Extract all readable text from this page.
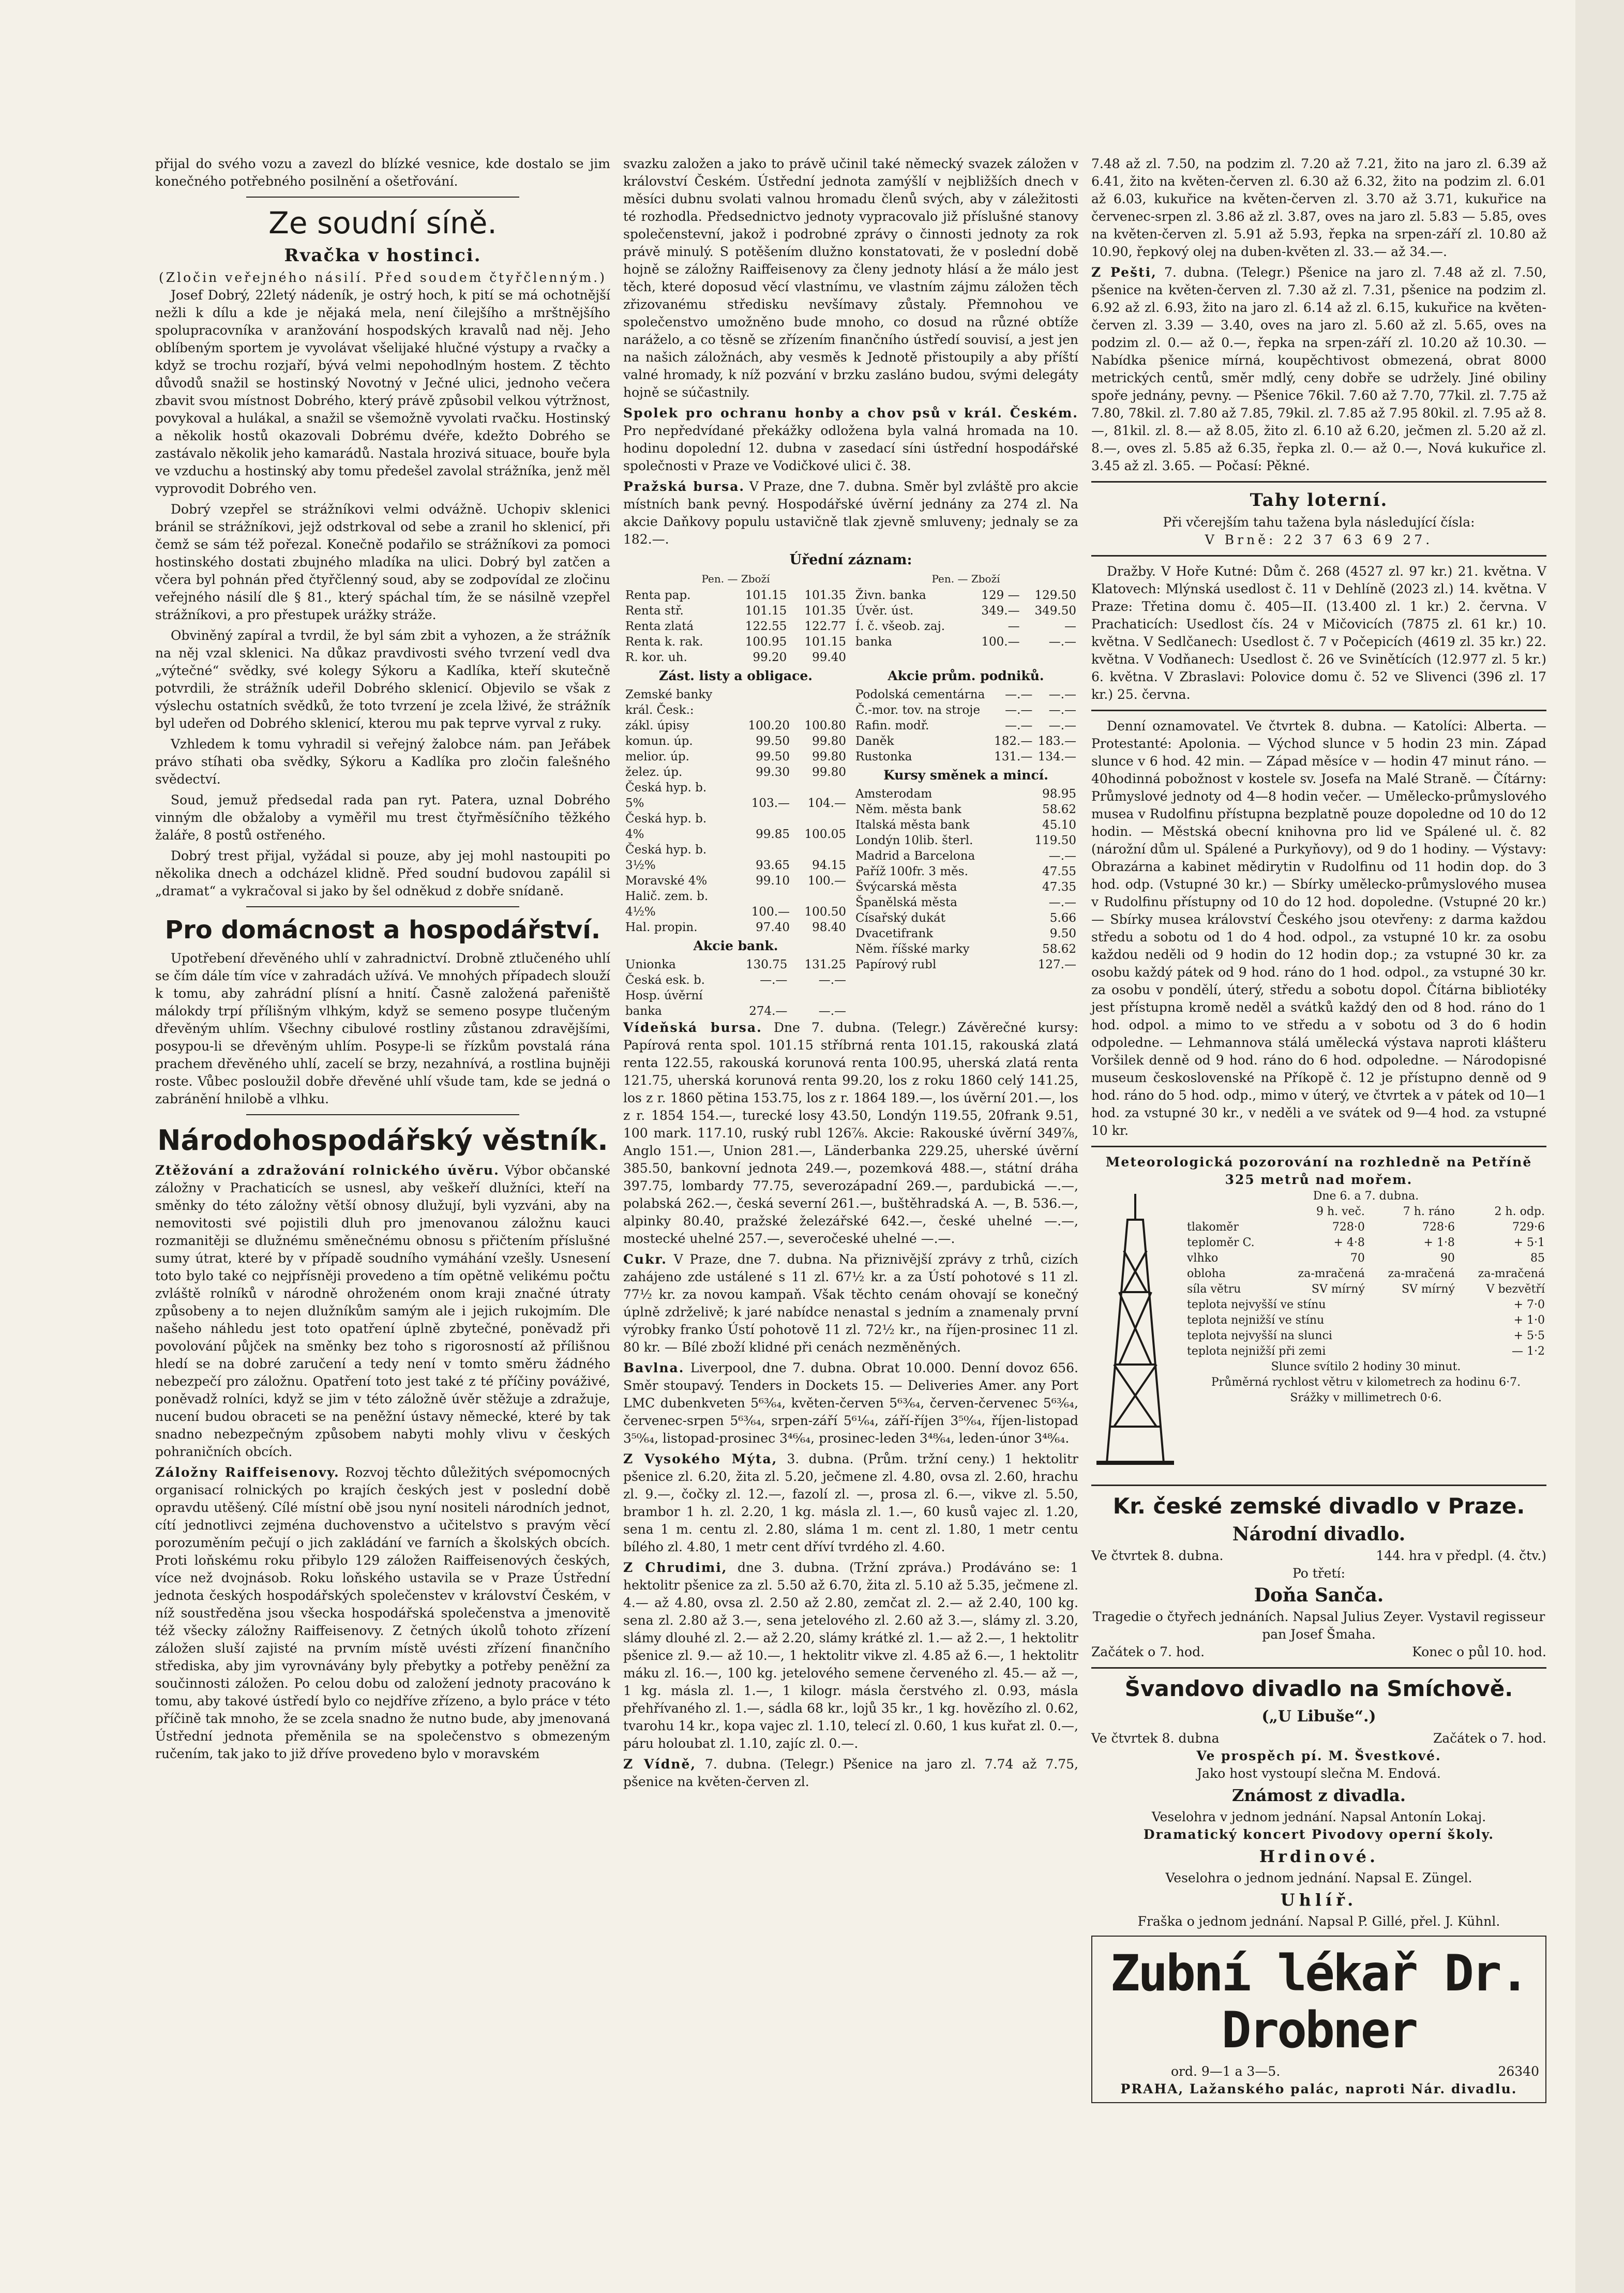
přijal do svého vozu a zavezl do blízké vesnice, kde dostalo se jim konečného potřebného posilnění a ošetřování.

Ze soudní síně.
Rvačka v hostinci.
(Zločin veřejného násilí. Před soudem čtyřčlenným.)

Josef Dobrý, 22letý nádeník, je ostrý hoch, k pití se má ochotnější nežli k dílu a kde je nějaká mela, není čilejšího a mrštnějšího spolupracovníka v aranžování hospodských kravalů nad něj. Jeho oblíbeným sportem je vyvolávat všelijaké hlučné výstupy a rvačky a když se trochu rozjaří, bývá velmi nepohodlným hostem. Z těchto důvodů snažil se hostinský Novotný v Ječné ulici, jednoho večera zbavit svou místnost Dobrého, který právě způsobil velkou výtržnost, povykoval a hulákal, a snažil se všemožně vyvolati rvačku. Hostinský a několik hostů okazovali Dobrému dvéře, kdežto Dobrého se zastávalo několik jeho kamarádů. Nastala hrozivá situace, bouře byla ve vzduchu a hostinský aby tomu předešel zavolal strážníka, jenž měl vyprovodit Dobrého ven.

Dobrý vzepřel se strážníkovi velmi odvážně. Uchopiv sklenici bránil se strážníkovi, jejž odstrkoval od sebe a zranil ho sklenicí, při čemž se sám též pořezal. Konečně podařilo se strážníkovi za pomoci hostinského dostati zbujného mladíka na ulici. Dobrý byl zatčen a včera byl pohnán před čtyřčlenný soud, aby se zodpovídal ze zločinu veřejného násilí dle § 81., který spáchal tím, že se násilně vzepřel strážníkovi, a pro přestupek urážky stráže.

Obviněný zapíral a tvrdil, že byl sám zbit a vyhozen, a že strážník na něj vzal sklenici. Na důkaz pravdivosti svého tvrzení vedl dva „výtečné“ svědky, své kolegy Sýkoru a Kadlíka, kteří skutečně potvrdili, že strážník udeřil Dobrého sklenicí. Objevilo se však z výslechu ostatních svědků, že toto tvrzení je zcela lživé, že strážník byl udeřen od Dobrého sklenicí, kterou mu pak teprve vyrval z ruky.

Vzhledem k tomu vyhradil si veřejný žalobce nám. pan Jeřábek právo stíhati oba svědky, Sýkoru a Kadlíka pro zločin falešného svědectví.

Soud, jemuž předsedal rada pan ryt. Patera, uznal Dobrého vinným dle obžaloby a vyměřil mu trest čtyřměsíčního těžkého žaláře, 8 postů ostřeného.

Dobrý trest přijal, vyžádal si pouze, aby jej mohl nastoupiti po několika dnech a odcházel klidně. Před soudní budovou zapálil si „dramat“ a vykračoval si jako by šel odněkud z dobře snídaně.

Pro domácnost a hospodářství.

Upotřebení dřevěného uhlí v zahradnictví. Drobně ztlučeného uhlí se čím dále tím více v zahradách užívá. Ve mnohých případech slouží k tomu, aby zahrádní plísní a hnití. Časně založená pařeniště málokdy trpí přílišným vlhkým, když se semeno posype tlučeným dřevěným uhlím. Všechny cibulové rostliny zůstanou zdravějšími, posypou-li se dřevěným uhlím. Posype-li se řízkům povstalá rána prachem dřevěného uhlí, zacelí se brzy, nezahnívá, a rostlina bujněji roste. Vůbec posloužil dobře dřevěné uhlí všude tam, kde se jedná o zabránění hnilobě a vlhku.

Národohospodářský věstník.

Ztěžování a zdražování rolnického úvěru. Výbor občanské záložny v Prachaticích se usnesl, aby veškeří dlužníci, kteří na směnky do této záložny větší obnosy dlužují, byli vyzváni, aby na nemovitosti své pojistili dluh pro jmenovanou záložnu kauci rozmanitěji se dlužnému směnečnému obnosu s přičtením příslušné sumy útrat, které by v případě soudního vymáhání vzešly. Usnesení toto bylo také co nejpřísněji provedeno a tím opětně velikému počtu zvláště rolníků v národně ohroženém onom kraji značné útraty způsobeny a to nejen dlužníkům samým ale i jejich rukojmím. Dle našeho náhledu jest toto opatření úplně zbytečné, poněvadž při povolování půjček na směnky bez toho s rigorosností až přílišnou hledí se na dobré zaručení a tedy není v tomto směru žádného nebezpečí pro záložnu. Opatření toto jest také z té příčiny pováživé, poněvadž rolníci, když se jim v této záložně úvěr stěžuje a zdražuje, nucení budou obraceti se na peněžní ústavy německé, které by tak snadno nebezpečným způsobem nabyti mohly vlivu v českých pohraničních obcích.

Záložny Raiffeisenovy. Rozvoj těchto důležitých svépomocných organisací rolnických po krajích českých jest v poslední době opravdu utěšený. Cílé místní obě jsou nyní nositeli národních jednot, cítí jednotlivci zejména duchovenstvo a učitelstvo s pravým věcí porozuměním pečují o jich zakládání ve farních a školských obcích. Proti loňskému roku přibylo 129 záložen Raiffeisenových českých, více než dvojnásob. Roku loňského ustavila se v Praze Ústřední jednota českých hospodářských společenstev v království Českém, v níž soustředěna jsou všecka hospodářská společenstva a jmenovitě též všecky záložny Raiffeisenovy. Z četných úkolů tohoto zřízení záložen sluší zajisté na prvním místě uvésti zřízení finančního střediska, aby jim vyrovnávány byly přebytky a potřeby peněžní za součinnosti záložen. Po celou dobu od založení jednoty pracováno k tomu, aby takové ústředí bylo co nejdříve zřízeno, a bylo práce v této příčině tak mnoho, že se zcela snadno že nutno bude, aby jmenovaná Ústřední jednota přeměnila se na společenstvo s obmezeným ručením, tak jako to již dříve provedeno bylo v moravském

svazku založen a jako to právě učinil také německý svazek záložen v království Českém. Ústřední jednota zamýšlí v nejbližších dnech v měsíci dubnu svolati valnou hromadu členů svých, aby v záležitosti té rozhodla. Předsednictvo jednoty vypracovalo již příslušné stanovy společenstevní, jakož i podrobné zprávy o činnosti jednoty za rok právě minulý. S potěšením dlužno konstatovati, že v poslední době hojně se záložny Raiffeisenovy za členy jednoty hlásí a že málo jest těch, které doposud věcí vlastnímu, ve vlastním zájmu záložen těch zřizovanému středisku nevšímavy zůstaly. Přemnohou ve společenstvo umožněno bude mnoho, co dosud na různé obtíže naráželo, a co těsně se zřízením finančního ústředí souvisí, a jest jen na našich záložnách, aby vesměs k Jednotě přistoupily a aby příští valné hromady, k níž pozvání v brzku zasláno budou, svými delegáty hojně se súčastnily.

Spolek pro ochranu honby a chov psů v král. Českém. Pro nepředvídané překážky odložena byla valná hromada na 10. hodinu dopolední 12. dubna v zasedací síni ústřední hospodářské společnosti v Praze ve Vodičkové ulici č. 38.

Pražská bursa. V Praze, dne 7. dubna. Směr byl zvláště pro akcie místních bank pevný. Hospodářské úvěrní jednány za 274 zl. Na akcie Daňkovy populu ustavičně tlak zjevně smluveny; jednaly se za 182.—.

Úřední záznam:
Pen. — Zboží
Renta pap.	101.15	101.35
Renta stř.	101.15	101.35
Renta zlatá	122.55	122.77
Renta k. rak.	100.95	101.15
R. kor. uh.	99.20	99.40
Pen. — Zboží
Živn. banka	129 —	129.50
Úvěr. úst.	349.—	349.50
Í. č. všeob. zaj.	—	—
banka	100.—	—.—

Zást. listy a obligace.
Zemské banky		
král. Česk.:		
zákl. úpisy	100.20	100.80
komun. úp.	99.50	99.80
melior. úp.	99.50	99.80
želez. úp.	99.30	99.80
Česká hyp. b.		
5%	103.—	104.—
Česká hyp. b.		
4%	99.85	100.05
Česká hyp. b.		
3½%	93.65	94.15
Moravské 4%	99.10	100.—
Halič. zem. b.		
4½%	100.—	100.50
Hal. propin.	97.40	98.40
Akcie bank.
Unionka	130.75	131.25
Česká esk. b.	—.—	—.—
Hosp. úvěrní		
banka	274.—	—.—
Akcie prům. podniků.
Podolská cementárna	—.—	—.—
Č.-mor. tov. na stroje	—.—	—.—
Rafin. modř.	—.—	—.—
Daněk	182.—	183.—
Rustonka	131.—	134.—
Kursy směnek a mincí.
Amsterodam		98.95
Něm. města bank		58.62
Italská města bank		45.10
Londýn 10lib. šterl.		119.50
Madrid a Barcelona		—.—
Paříž 100fr. 3 měs.		47.55
Švýcarská města		47.35
Španělská města		—.—
Císařský dukát		5.66
Dvacetifrank		9.50
Něm. říšské marky		58.62
Papírový rubl		127.—

Vídeňská bursa. Dne 7. dubna. (Telegr.) Závěrečné kursy: Papírová renta spol. 101.15 stříbrná renta 101.15, rakouská zlatá renta 122.55, rakouská korunová renta 100.95, uherská zlatá renta 121.75, uherská korunová renta 99.20, los z roku 1860 celý 141.25, los z r. 1860 pětina 153.75, los z r. 1864 189.—, los úvěrní 201.—, los z r. 1854 154.—, turecké losy 43.50, Londýn 119.55, 20frank 9.51, 100 mark. 117.10, ruský rubl 126⅞. Akcie: Rakouské úvěrní 349⅞, Anglo 151.—, Union 281.—, Länderbanka 229.25, uherské úvěrní 385.50, bankovní jednota 249.—, pozemková 488.—, státní dráha 397.75, lombardy 77.75, severozápadní 269.—, pardubická —.—, polabská 262.—, česká severní 261.—, buštěhradská A. —, B. 536.—, alpinky 80.40, pražské železářské 642.—, české uhelné —.—, mostecké uhelné 257.—, severočeské uhelné —.—.

Cukr. V Praze, dne 7. dubna. Na přiznivější zprávy z trhů, cizích zahájeno zde ustálené s 11 zl. 67½ kr. a za Ústí pohotové s 11 zl. 77½ kr. za novou kampaň. Však těchto cenám ohovají se konečný úplně zdrželivě; k jaré nabídce nenastal s jedním a znamenaly první výrobky franko Ústí pohotově 11 zl. 72½ kr., na říjen-prosinec 11 zl. 80 kr. — Bílé zboží klidné při cenách nezměněných.

Bavlna. Liverpool, dne 7. dubna. Obrat 10.000. Denní dovoz 656. Směr stoupavý. Tenders in Dockets 15. — Deliveries Amer. any Port LMC dubenkveten 5⁶³⁄₆₄, květen-červen 5⁶³⁄₆₄, červen-červenec 5⁶³⁄₆₄, červenec-srpen 5⁶³⁄₆₄, srpen-září 5⁶¹⁄₆₄, září-říjen 3⁵⁰⁄₆₄, říjen-listopad 3⁵⁰⁄₆₄, listopad-prosinec 3⁴⁶⁄₆₄, prosinec-leden 3⁴⁸⁄₆₄, leden-únor 3⁴⁸⁄₆₄.

Z Vysokého Mýta, 3. dubna. (Prům. tržní ceny.) 1 hektolitr pšenice zl. 6.20, žita zl. 5.20, ječmene zl. 4.80, ovsa zl. 2.60, hrachu zl. 9.—, čočky zl. 12.—, fazolí zl. —, prosa zl. 6.—, vikve zl. 5.50, brambor 1 h. zl. 2.20, 1 kg. másla zl. 1.—, 60 kusů vajec zl. 1.20, sena 1 m. centu zl. 2.80, sláma 1 m. cent zl. 1.80, 1 metr centu bílého zl. 4.80, 1 metr cent dříví tvrdého zl. 4.60.

Z Chrudimi, dne 3. dubna. (Tržní zpráva.) Prodáváno se: 1 hektolitr pšenice za zl. 5.50 až 6.70, žita zl. 5.10 až 5.35, ječmene zl. 4.— až 4.80, ovsa zl. 2.50 až 2.80, zemčat zl. 2.— až 2.40, 100 kg. sena zl. 2.80 až 3.—, sena jetelového zl. 2.60 až 3.—, slámy zl. 3.20, slámy dlouhé zl. 2.— až 2.20, slámy krátké zl. 1.— až 2.—, 1 hektolitr pšenice zl. 9.— až 10.—, 1 hektolitr vikve zl. 4.85 až 6.—, 1 hektolitr máku zl. 16.—, 100 kg. jetelového semene červeného zl. 45.— až —, 1 kg. másla zl. 1.—, 1 kilogr. másla čerstvého zl. 0.93, másla přehřívaného zl. 1.—, sádla 68 kr., lojů 35 kr., 1 kg. hovězího zl. 0.62, tvarohu 14 kr., kopa vajec zl. 1.10, telecí zl. 0.60, 1 kus kuřat zl. 0.—, páru holoubat zl. 1.10, zajíc zl. 0.—.

Z Vídně, 7. dubna. (Telegr.) Pšenice na jaro zl. 7.74 až 7.75, pšenice na květen-červen zl.

7.48 až zl. 7.50, na podzim zl. 7.20 až 7.21, žito na jaro zl. 6.39 až 6.41, žito na květen-červen zl. 6.30 až 6.32, žito na podzim zl. 6.01 až 6.03, kukuřice na květen-červen zl. 3.70 až 3.71, kukuřice na červenec-srpen zl. 3.86 až zl. 3.87, oves na jaro zl. 5.83 — 5.85, oves na květen-červen zl. 5.91 až 5.93, řepka na srpen-září zl. 10.80 až 10.90, řepkový olej na duben-květen zl. 33.— až 34.—.

Z Pešti, 7. dubna. (Telegr.) Pšenice na jaro zl. 7.48 až zl. 7.50, pšenice na květen-červen zl. 7.30 až zl. 7.31, pšenice na podzim zl. 6.92 až zl. 6.93, žito na jaro zl. 6.14 až zl. 6.15, kukuřice na květen-červen zl. 3.39 — 3.40, oves na jaro zl. 5.60 až zl. 5.65, oves na podzim zl. 0.— až 0.—, řepka na srpen-září zl. 10.20 až 10.30. — Nabídka pšenice mírná, koupěchtivost obmezená, obrat 8000 metrických centů, směr mdlý, ceny dobře se udržely. Jiné obiliny spoře jednány, pevny. — Pšenice 76kil. 7.60 až 7.70, 77kil. zl. 7.75 až 7.80, 78kil. zl. 7.80 až 7.85, 79kil. zl. 7.85 až 7.95 80kil. zl. 7.95 až 8.—, 81kil. zl. 8.— až 8.05, žito zl. 6.10 až 6.20, ječmen zl. 5.20 až zl. 8.—, oves zl. 5.85 až 6.35, řepka zl. 0.— až 0.—, Nová kukuřice zl. 3.45 až zl. 3.65. — Počasí: Pěkné.

Tahy loterní.
Při včerejším tahu tažena byla následující čísla:
V Brně: 22 37 63 69 27.

Dražby. V Hoře Kutné: Dům č. 268 (4527 zl. 97 kr.) 21. května. V Klatovech: Mlýnská usedlost č. 11 v Dehlíně (2023 zl.) 14. května. V Praze: Třetina domu č. 405—II. (13.400 zl. 1 kr.) 2. června. V Prachaticích: Usedlost čís. 24 v Mičovicích (7875 zl. 61 kr.) 10. května. V Sedlčanech: Usedlost č. 7 v Počepicích (4619 zl. 35 kr.) 22. května. V Vodňanech: Usedlost č. 26 ve Svinětících (12.977 zl. 5 kr.) 6. května. V Zbraslavi: Polovice domu č. 52 ve Slivenci (396 zl. 17 kr.) 25. června.

Denní oznamovatel. Ve čtvrtek 8. dubna. — Katolíci: Alberta. — Protestanté: Apolonia. — Východ slunce v 5 hodin 23 min. Západ slunce v 6 hod. 42 min. — Západ měsíce v — hodin 47 minut ráno. — 40hodinná pobožnost v kostele sv. Josefa na Malé Straně. — Čítárny: Průmyslové jednoty od 4—8 hodin večer. — Umělecko-průmyslového musea v Rudolfinu přístupna bezplatně pouze dopoledne od 10 do 12 hodin. — Městská obecní knihovna pro lid ve Spálené ul. č. 82 (nárožní dům ul. Spálené a Purkyňovy), od 9 do 1 hodiny. — Výstavy: Obrazárna a kabinet mědirytin v Rudolfinu od 11 hodin dop. do 3 hod. odp. (Vstupné 30 kr.) — Sbírky umělecko-průmyslového musea v Rudolfinu přístupny od 10 do 12 hod. dopoledne. (Vstupné 20 kr.) — Sbírky musea království Českého jsou otevřeny: z darma každou středu a sobotu od 1 do 4 hod. odpol., za vstupné 10 kr. za osobu každou neděli od 9 hodin do 12 hodin dop.; za vstupné 30 kr. za osobu každý pátek od 9 hod. ráno do 1 hod. odpol., za vstupné 30 kr. za osobu v pondělí, úterý, středu a sobotu dopol. Čítárna bibliotéky jest přístupna kromě neděl a svátků každý den od 8 hod. ráno do 1 hod. odpol. a mimo to ve středu a v sobotu od 3 do 6 hodin odpoledne. — Lehmannova stálá umělecká výstava naproti klášteru Voršilek denně od 9 hod. ráno do 6 hod. odpoledne. — Národopisné museum československé na Příkopě č. 12 je přístupno denně od 9 hod. ráno do 5 hod. odp., mimo v úterý, ve čtvrtek a v pátek od 10—1 hod. za vstupné 30 kr., v neděli a ve svátek od 9—4 hod. za vstupné 10 kr.

Meteorologická pozorování na rozhledně na Petříně
325 metrů nad mořem.
Dne 6. a 7. dubna.
	9 h. več.	7 h. ráno	2 h. odp.
tlakoměr	728·0	728·6	729·6
teploměr C.	+ 4·8	+ 1·8	+ 5·1
vlhko	70	90	85
obloha	za-mračená	za-mračená	za-mračená
síla větru	SV mírný	SV mírný	V bezvětří
teplota nejvyšší ve stínu	+ 7·0
teplota nejnižší ve stínu	+ 1·0
teplota nejvyšší na slunci	+ 5·5
teplota nejnižší při zemi	— 1·2
Slunce svítilo 2 hodiny 30 minut.
Průměrná rychlost větru v kilometrech za hodinu 6·7.
Srážky v millimetrech 0·6.
Kr. české zemské divadlo v Praze.
Národní divadlo.
Ve čtvrtek 8. dubna.	144. hra v předpl. (4. čtv.)
Po třetí:
Doňa Sanča.
Tragedie o čtyřech jednáních. Napsal Julius Zeyer. Vystavil regisseur pan Josef Šmaha.
Začátek o 7. hod.	Konec o půl 10. hod.
Švandovo divadlo na Smíchově.
(„U Libuše“.)
Ve čtvrtek 8. dubna	Začátek o 7. hod.
Ve prospěch pí. M. Švestkové.
Jako host vystoupí slečna M. Endová.
Známost z divadla.
Veselohra v jednom jednání. Napsal Antonín Lokaj.
Dramatický koncert Pivodovy operní školy.
Hrdinové.
Veselohra o jednom jednání. Napsal E. Züngel.
Uhlíř.
Fraška o jednom jednání. Napsal P. Gillé, přel. J. Kühnl.
Zubní lékař Dr. Drobner
ord. 9—1 a 3—5.	26340
PRAHA, Lažanského palác, naproti Nár. divadlu.
